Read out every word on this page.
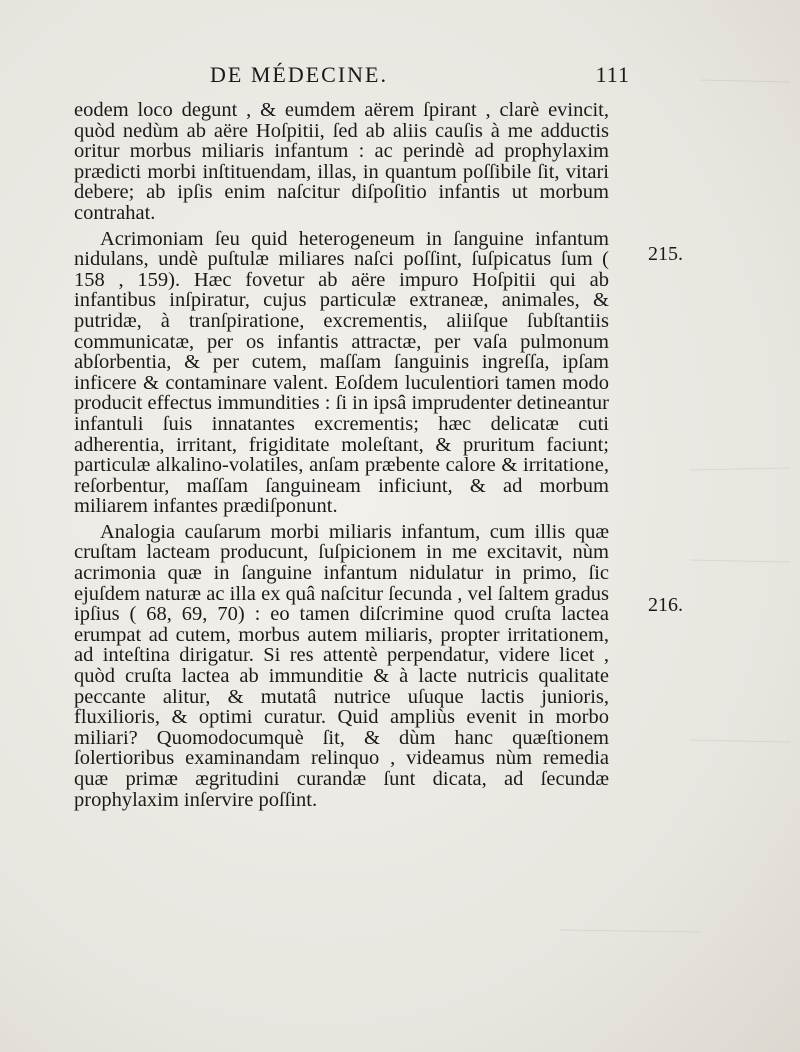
DE MÉDECINE.	111

eodem loco degunt , & eumdem aërem ſpirant , clarè evincit, quòd nedùm ab aëre Hoſpitii, ſed ab aliis cauſis à me adductis oritur morbus miliaris infantum : ac perindè ad prophylaxim prædicti morbi inſtituendam, illas, in quantum poſſibile ſit, vitari debere; ab ipſis enim naſcitur diſpoſitio infantis ut morbum contrahat.

Acrimoniam ſeu quid heterogeneum in ſanguine infantum nidulans, undè puſtulæ miliares naſci poſſint, ſuſpicatus ſum ( 158 , 159). Hæc fovetur ab aëre impuro Hoſpitii qui ab infantibus inſpiratur, cujus particulæ extraneæ, animales, & putridæ, à tranſpiratione, excrementis, aliiſque ſubſtantiis communicatæ, per os infantis attractæ, per vaſa pulmonum abſorbentia, & per cutem, maſſam ſanguinis ingreſſa, ipſam inficere & contaminare valent. Eoſdem luculentiori tamen modo producit effectus immundities : ſi in ipsâ imprudenter detineantur infantuli ſuis innatantes excrementis; hæc delicatæ cuti adherentia, irritant, frigiditate moleſtant, & pruritum faciunt; particulæ alkalino-volatiles, anſam præbente calore & irritatione, reſorbentur, maſſam ſanguineam inficiunt, & ad morbum miliarem infantes prædiſponunt.

Analogia cauſarum morbi miliaris infantum, cum illis quæ cruſtam lacteam producunt, ſuſpicionem in me excitavit, nùm acrimonia quæ in ſanguine infantum nidulatur in primo, ſic ejuſdem naturæ ac illa ex quâ naſcitur ſecunda , vel ſaltem gradus ipſius ( 68, 69, 70) : eo tamen diſcrimine quod cruſta lactea erumpat ad cutem, morbus autem miliaris, propter irritationem, ad inteſtina dirigatur. Si res attentè perpendatur, videre licet , quòd cruſta lactea ab immunditie & à lacte nutricis qualitate peccante alitur, & mutatâ nutrice uſuque lactis junioris, fluxilioris, & optimi curatur. Quid ampliùs evenit in morbo miliari? Quomodocumquè ſit, & dùm hanc quæſtionem ſolertioribus examinandam relinquo , videamus nùm remedia quæ primæ ægritudini curandæ ſunt dicata, ad ſecundæ prophylaxim inſervire poſſint.

215.
216.
